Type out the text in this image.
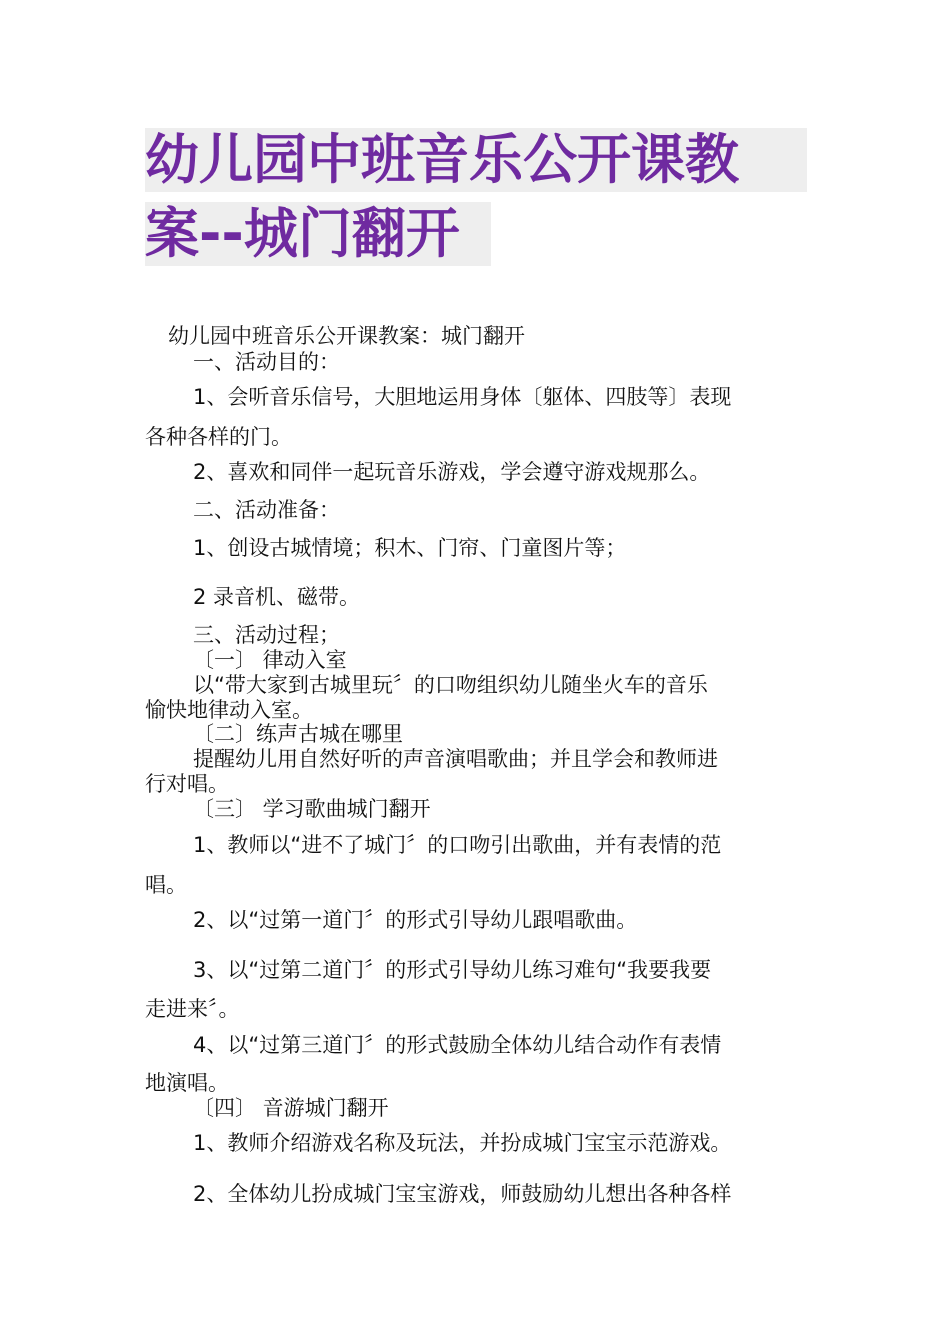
幼儿园中班音乐公开课教
案--城门翻开
幼儿园中班音乐公开课教案：城门翻开
一、活动目的：
1、会听音乐信号，大胆地运用身体〔躯体、四肢等〕表现
各种各样的门。
2、喜欢和同伴一起玩音乐游戏，学会遵守游戏规那么。
二、活动准备：
1、创设古城情境；积木、门帘、门童图片等；
2 录音机、磁带。
三、活动过程；
〔一〕 律动入室
以“带大家到古城里玩〞的口吻组织幼儿随坐火车的音乐
愉快地律动入室。
〔二〕练声古城在哪里
提醒幼儿用自然好听的声音演唱歌曲；并且学会和教师进
行对唱。
〔三〕 学习歌曲城门翻开
1、教师以“进不了城门〞的口吻引出歌曲，并有表情的范
唱。
2、以“过第一道门〞的形式引导幼儿跟唱歌曲。
3、以“过第二道门〞的形式引导幼儿练习难句“我要我要
走进来〞。
4、以“过第三道门〞的形式鼓励全体幼儿结合动作有表情
地演唱。
〔四〕 音游城门翻开
1、教师介绍游戏名称及玩法，并扮成城门宝宝示范游戏。
2、全体幼儿扮成城门宝宝游戏，师鼓励幼儿想出各种各样
